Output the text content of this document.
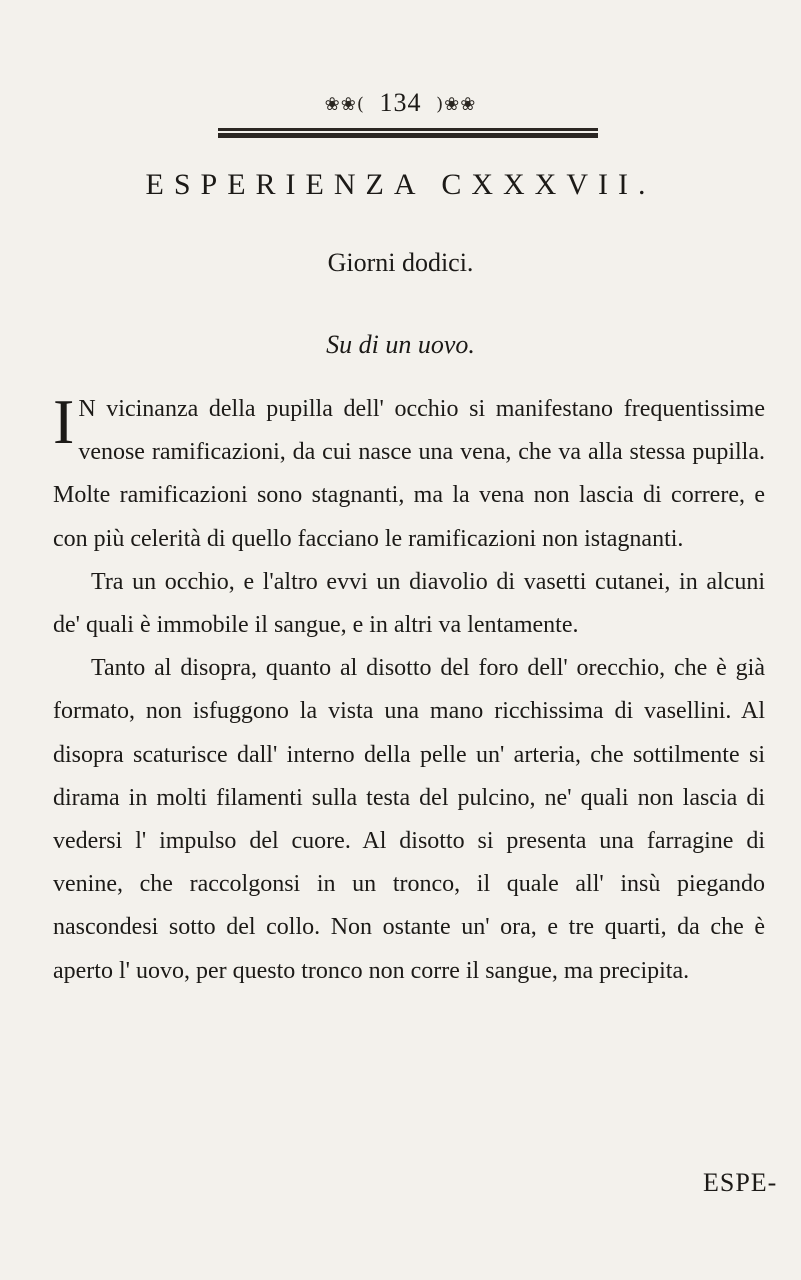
❀❀( 134 )❀❀
ESPERIENZA CXXXVII.
Giorni dodici.
Su di un uovo.

I N vicinanza della pupilla dell' occhio si manifestano frequentissime venose ramificazioni, da cui nasce una vena, che va alla stessa pupilla. Molte ramificazioni sono stagnanti, ma la vena non lascia di correre, e con più celerità di quello facciano le ramificazioni non istagnanti.

Tra un occhio, e l'altro evvi un diavolio di vasetti cutanei, in alcuni de' quali è immobile il sangue, e in altri va lentamente.

Tanto al disopra, quanto al disotto del foro dell' orecchio, che è già formato, non isfuggono la vista una mano ricchissima di vasellini. Al disopra scaturisce dall' interno della pelle un' arteria, che sottilmente si dirama in molti filamenti sulla testa del pulcino, ne' quali non lascia di vedersi l' impulso del cuore. Al disotto si presenta una farragine di venine, che raccolgonsi in un tronco, il quale all' insù piegando nascondesi sotto del collo. Non ostante un' ora, e tre quarti, da che è aperto l' uovo, per questo tronco non corre il sangue, ma precipita.

ESPE-
